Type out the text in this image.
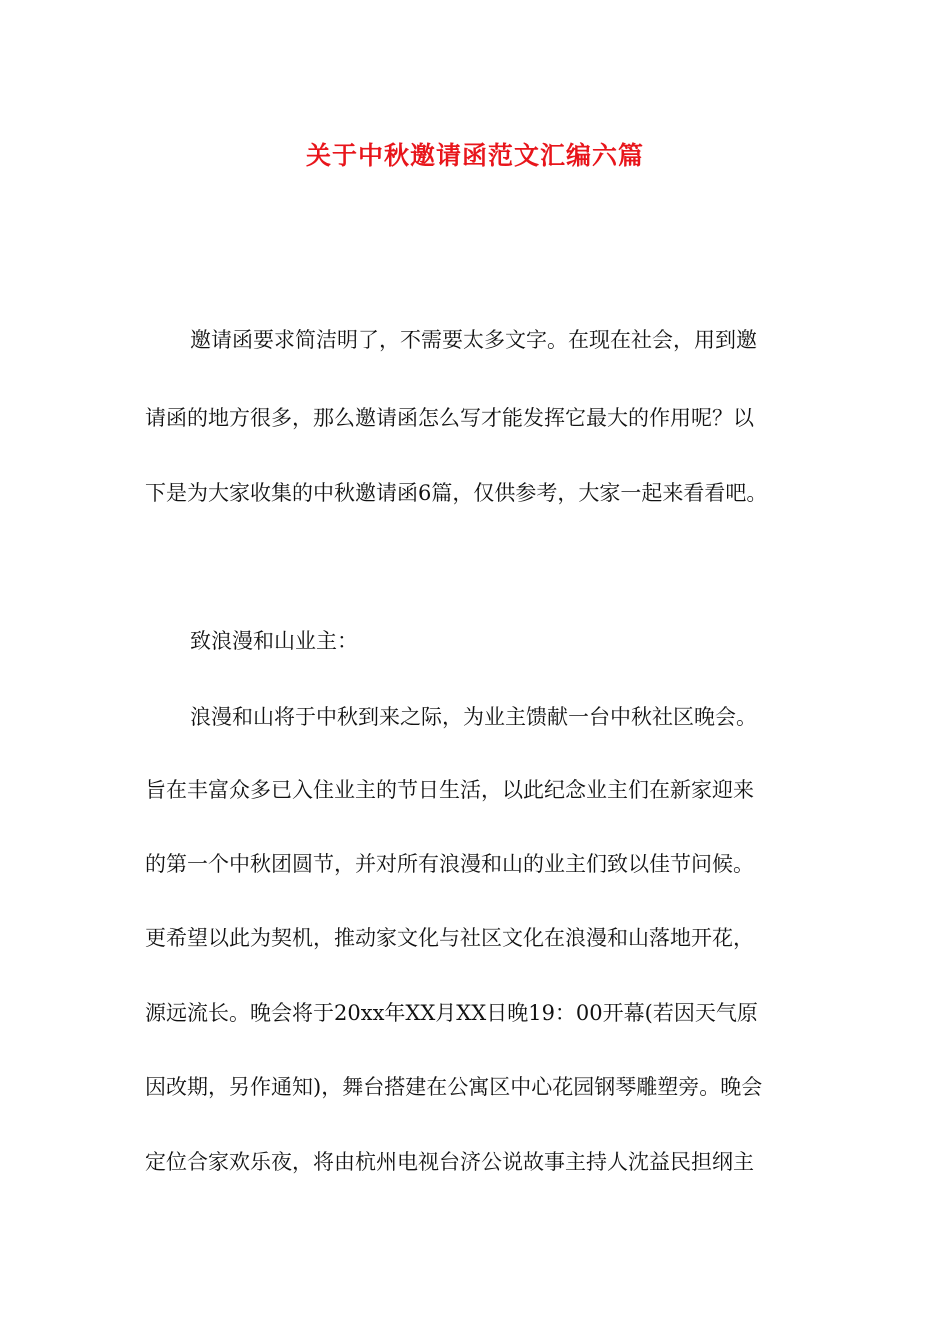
关于中秋邀请函范文汇编六篇

邀请函要求简洁明了，不需要太多文字。在现在社会，用到邀

请函的地方很多，那么邀请函怎么写才能发挥它最大的作用呢？以

下是为大家收集的中秋邀请函6篇，仅供参考，大家一起来看看吧。

致浪漫和山业主：

浪漫和山将于中秋到来之际，为业主馈献一台中秋社区晚会。

旨在丰富众多已入住业主的节日生活，以此纪念业主们在新家迎来

的第一个中秋团圆节，并对所有浪漫和山的业主们致以佳节问候。

更希望以此为契机，推动家文化与社区文化在浪漫和山落地开花，

源远流长。晚会将于20xx年XX月XX日晚19：00开幕(若因天气原

因改期，另作通知)，舞台搭建在公寓区中心花园钢琴雕塑旁。晚会

定位合家欢乐夜，将由杭州电视台济公说故事主持人沈益民担纲主
